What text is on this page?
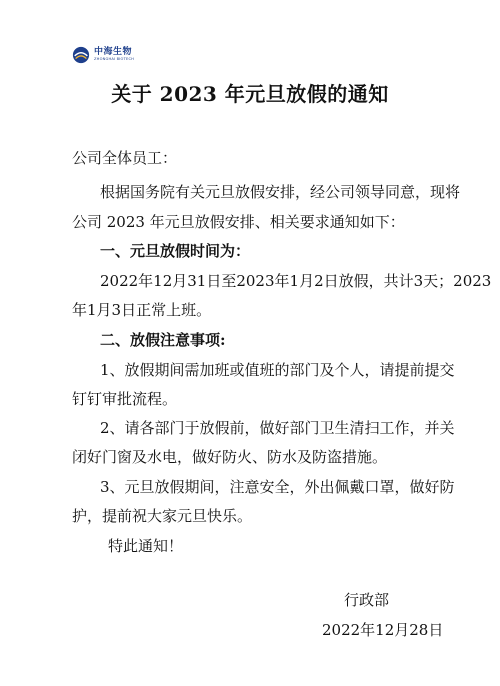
中海生物
ZHONGHAI BIOTECH
关于 2023 年元旦放假的通知
公司全体员工：
根据国务院有关元旦放假安排，经公司领导同意，现将
公司 2023 年元旦放假安排、相关要求通知如下：
一、元旦放假时间为：
2022年12月31日至2023年1月2日放假，共计3天；2023
年1月3日正常上班。
二、放假注意事项:
1、放假期间需加班或值班的部门及个人，请提前提交
钉钉审批流程。
2、请各部门于放假前，做好部门卫生清扫工作，并关
闭好门窗及水电，做好防火、防水及防盗措施。
3、元旦放假期间，注意安全，外出佩戴口罩，做好防
护，提前祝大家元旦快乐。
特此通知！
行政部
2022年12月28日
